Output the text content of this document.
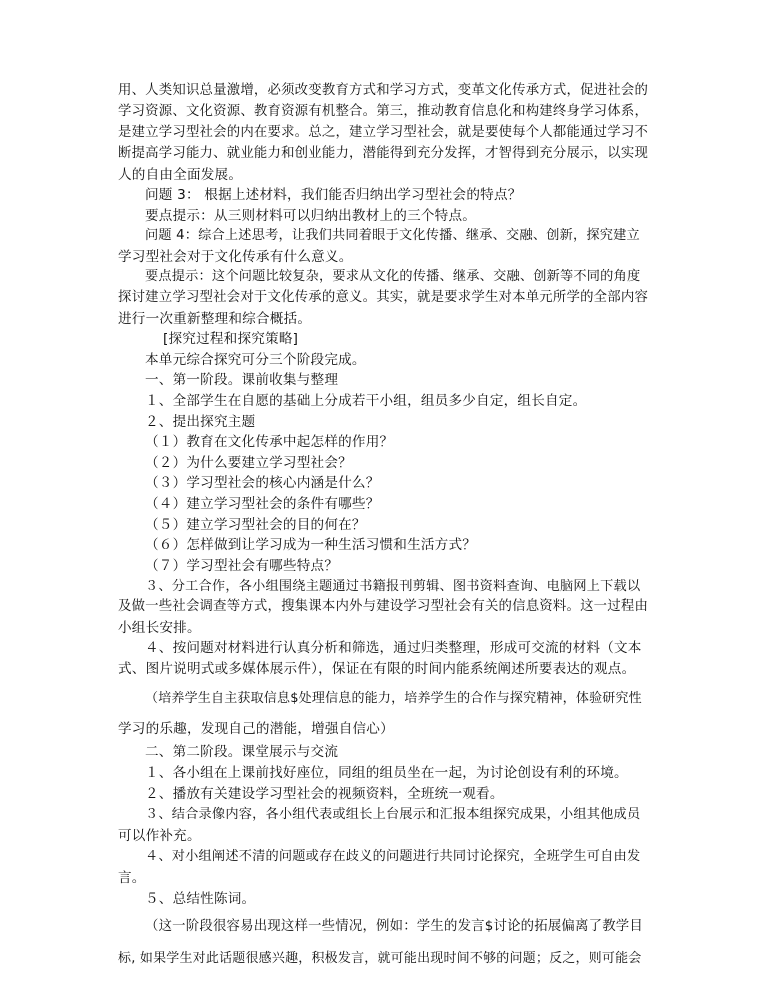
用、人类知识总量激增，必须改变教育方式和学习方式，变革文化传承方式，促进社会的
学习资源、文化资源、教育资源有机整合。第三，推动教育信息化和构建终身学习体系，
是建立学习型社会的内在要求。总之，建立学习型社会，就是要使每个人都能通过学习不
断提高学习能力、就业能力和创业能力，潜能得到充分发挥，才智得到充分展示，以实现
人的自由全面发展。
问题 3： 根据上述材料，我们能否归纳出学习型社会的特点？
要点提示：从三则材料可以归纳出教材上的三个特点。
问题 4：综合上述思考，让我们共同着眼于文化传播、继承、交融、创新，探究建立
学习型社会对于文化传承有什么意义。
要点提示：这个问题比较复杂，要求从文化的传播、继承、交融、创新等不同的角度
探讨建立学习型社会对于文化传承的意义。其实，就是要求学生对本单元所学的全部内容
进行一次重新整理和综合概括。
[探究过程和探究策略]
本单元综合探究可分三个阶段完成。
一、第一阶段。课前收集与整理
１、全部学生在自愿的基础上分成若干小组，组员多少自定，组长自定。
２、提出探究主题
（１）教育在文化传承中起怎样的作用？
（２）为什么要建立学习型社会？
（３）学习型社会的核心内涵是什么？
（４）建立学习型社会的条件有哪些？
（５）建立学习型社会的目的何在？
（６）怎样做到让学习成为一种生活习惯和生活方式？
（７）学习型社会有哪些特点？
３、分工合作，各小组围绕主题通过书籍报刊剪辑、图书资料查询、电脑网上下载以
及做一些社会调查等方式，搜集课本内外与建设学习型社会有关的信息资料。这一过程由
小组长安排。
４、按问题对材料进行认真分析和筛选，通过归类整理，形成可交流的材料（文本
式、图片说明式或多媒体展示件），保证在有限的时间内能系统阐述所要表达的观点。
（培养学生自主获取信息$处理信息的能力，培养学生的合作与探究精神，体验研究性
学习的乐趣，发现自己的潜能，增强自信心）
二、第二阶段。课堂展示与交流
１、各小组在上课前找好座位，同组的组员坐在一起，为讨论创设有利的环境。
２、播放有关建设学习型社会的视频资料，全班统一观看。
３、结合录像内容，各小组代表或组长上台展示和汇报本组探究成果，小组其他成员
可以作补充。
４、对小组阐述不清的问题或存在歧义的问题进行共同讨论探究，全班学生可自由发
言。
５、总结性陈词。
（这一阶段很容易出现这样一些情况，例如：学生的发言$讨论的拓展偏离了教学目
标, 如果学生对此话题很感兴趣，积极发言，就可能出现时间不够的问题；反之，则可能会
